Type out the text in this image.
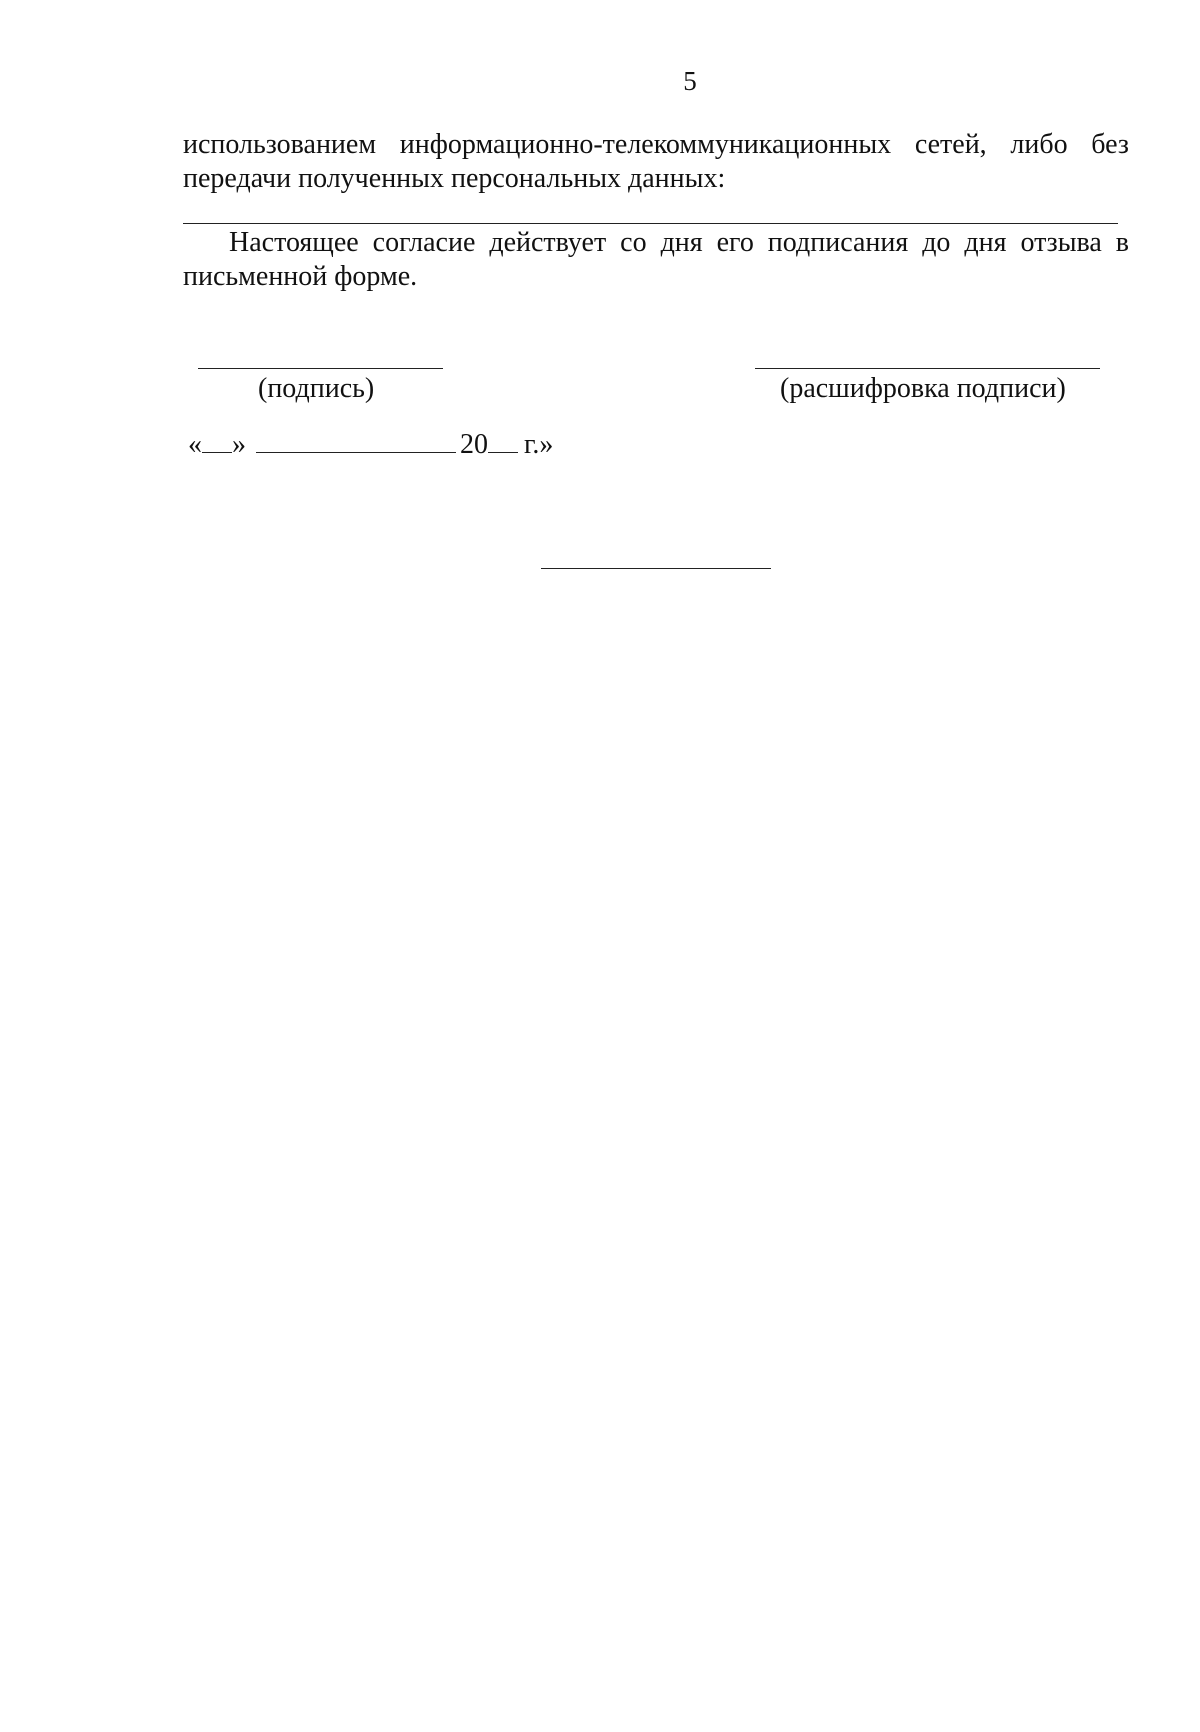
5
использованием информационно-телекоммуникационных сетей, либо без передачи полученных персональных данных:
Настоящее согласие действует со дня его подписания до дня отзыва в письменной форме.
(подпись)	(расшифровка подписи)
« »	20 г.»
